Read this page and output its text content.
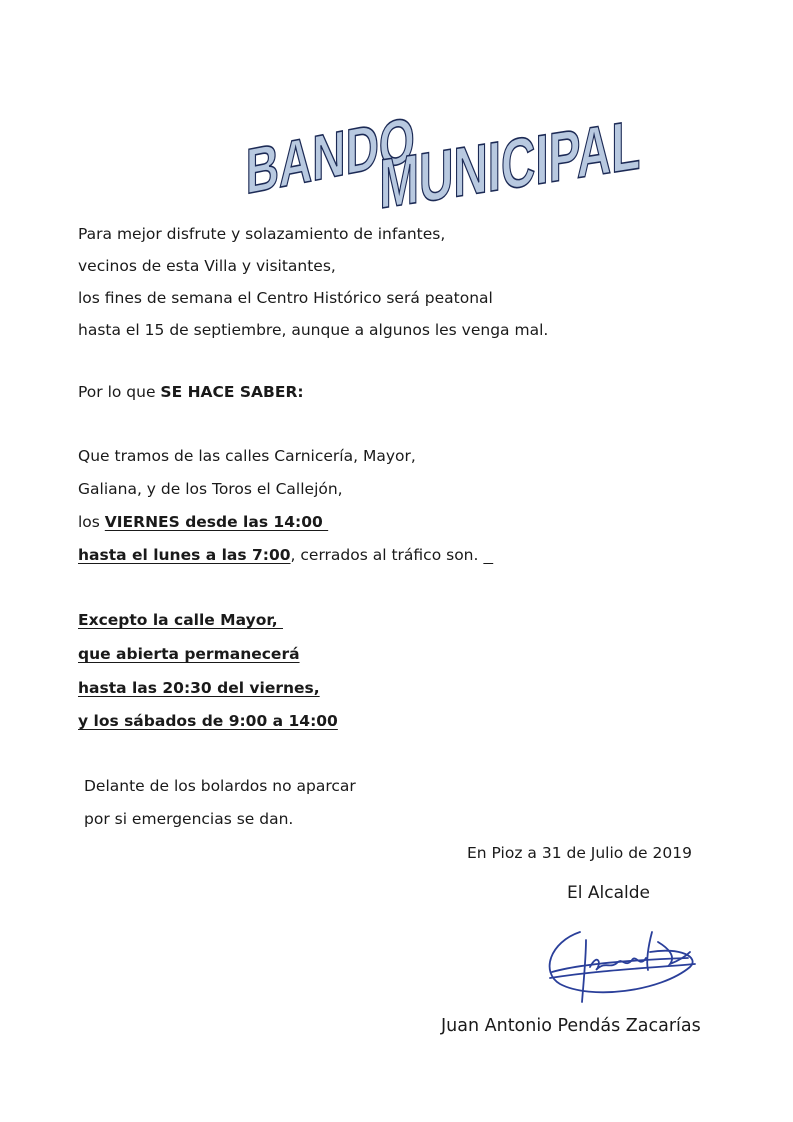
BANDO
MUNICIPAL
Para mejor disfrute y solazamiento de infantes,
vecinos de esta Villa y visitantes,
los fines de semana el Centro Histórico será peatonal
hasta el 15 de septiembre, aunque a algunos les venga mal.
Por lo que SE HACE SABER:
Que tramos de las calles Carnicería, Mayor,
Galiana, y de los Toros el Callejón,
los VIERNES desde las 14:00
hasta el lunes a las 7:00, cerrados al tráfico son.
Excepto la calle Mayor,
que abierta permanecerá
hasta las 20:30 del viernes,
y los sábados de 9:00 a 14:00
Delante de los bolardos no aparcar
por si emergencias se dan.
En Pioz a 31 de Julio de 2019
El Alcalde
Juan Antonio Pendás Zacarías
